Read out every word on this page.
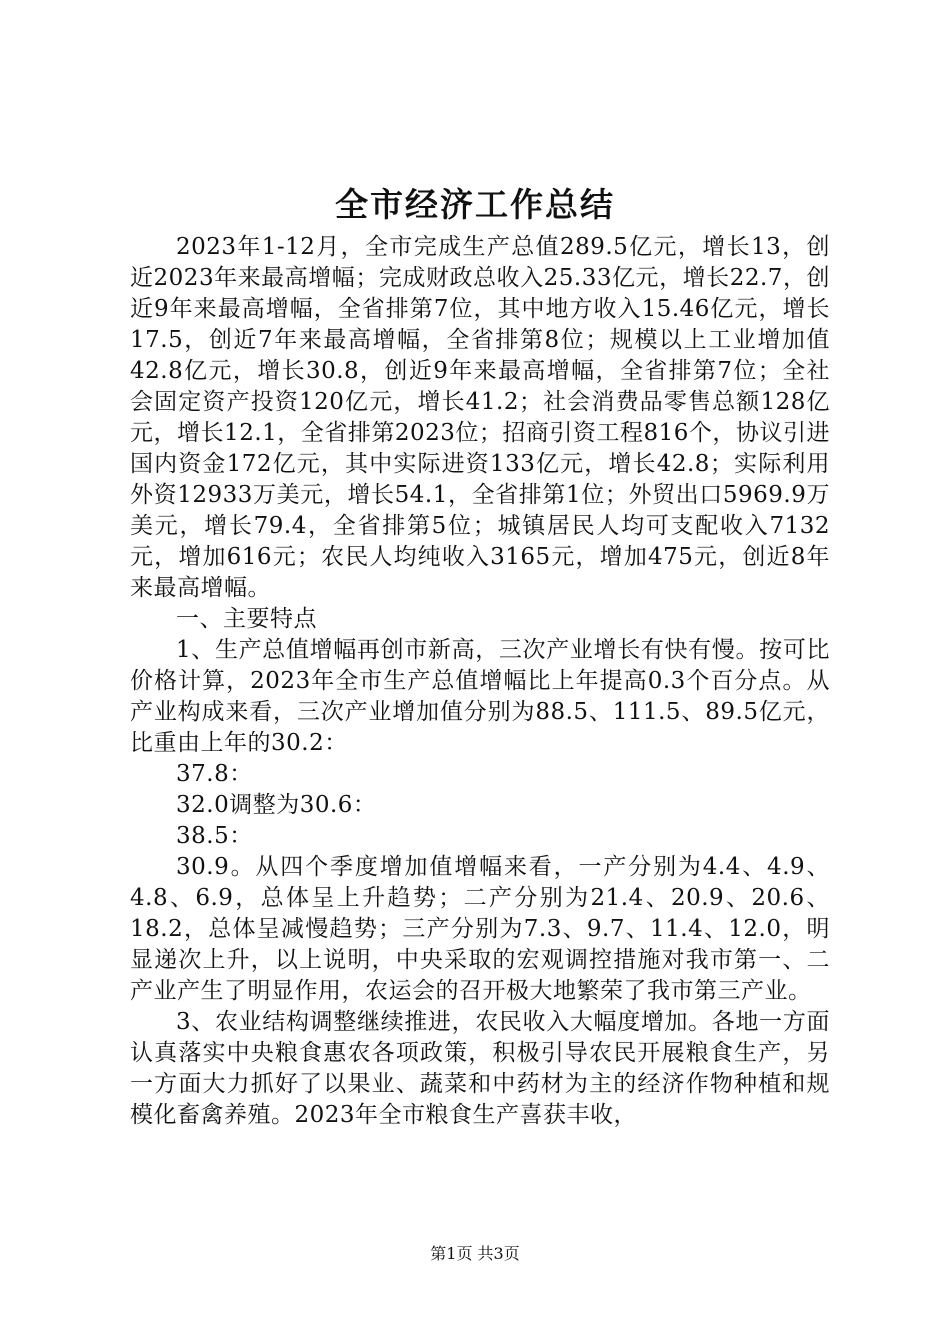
全市经济工作总结

2023年1-12月，全市完成生产总值289.5亿元，增长13，创近2023年来最高增幅；完成财政总收入25.33亿元，增长22.7，创近9年来最高增幅，全省排第7位，其中地方收入15.46亿元，增长17.5，创近7年来最高增幅，全省排第8位；规模以上工业增加值42.8亿元，增长30.8，创近9年来最高增幅，全省排第7位；全社会固定资产投资120亿元，增长41.2；社会消费品零售总额128亿元，增长12.1，全省排第2023位；招商引资工程816个，协议引进国内资金172亿元，其中实际进资133亿元，增长42.8；实际利用外资12933万美元，增长54.1，全省排第1位；外贸出口5969.9万美元，增长79.4，全省排第5位；城镇居民人均可支配收入7132元，增加616元；农民人均纯收入3165元，增加475元，创近8年来最高增幅。

一、主要特点

1、生产总值增幅再创市新高，三次产业增长有快有慢。按可比价格计算，2023年全市生产总值增幅比上年提高0.3个百分点。从产业构成来看，三次产业增加值分别为88.5、111.5、89.5亿元，比重由上年的30.2：

37.8：

32.0调整为30.6：

38.5：

30.9。从四个季度增加值增幅来看，一产分别为4.4、4.9、4.8、6.9，总体呈上升趋势；二产分别为21.4、20.9、20.6、18.2，总体呈减慢趋势；三产分别为7.3、9.7、11.4、12.0，明显递次上升，以上说明，中央采取的宏观调控措施对我市第一、二产业产生了明显作用，农运会的召开极大地繁荣了我市第三产业。

3、农业结构调整继续推进，农民收入大幅度增加。各地一方面认真落实中央粮食惠农各项政策，积极引导农民开展粮食生产，另一方面大力抓好了以果业、蔬菜和中药材为主的经济作物种植和规模化畜禽养殖。2023年全市粮食生产喜获丰收，

第1页 共3页
